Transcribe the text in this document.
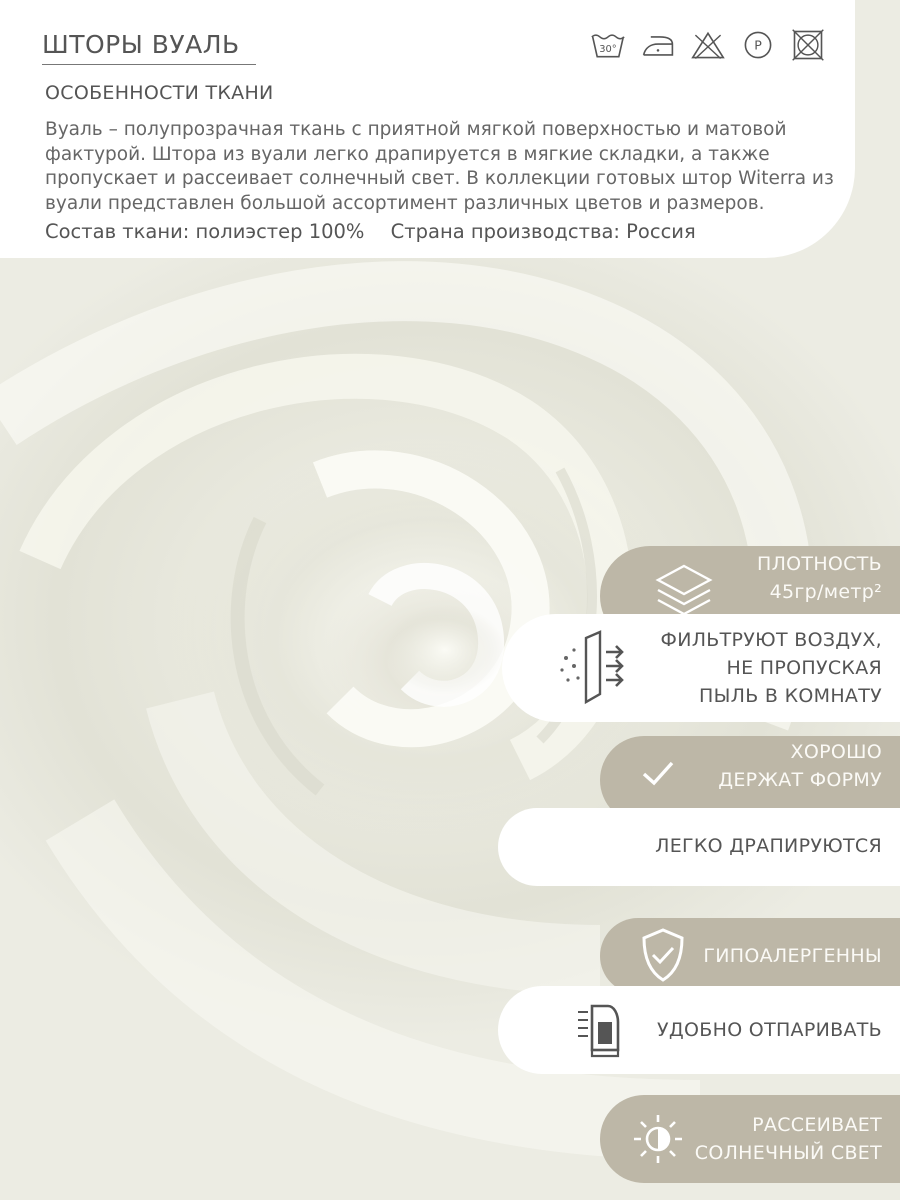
ШТОРЫ ВУАЛЬ	30°	P
ОСОБЕННОСТИ ТКАНИ
Вуаль – полупрозрачная ткань с приятной мягкой поверхностью и матовой фактурой. Штора из вуали легко драпируется в мягкие складки, а также пропускает и рассеивает солнечный свет. В коллекции готовых штор Witerra из вуали представлен большой ассортимент различных цветов и размеров.
Состав ткани: полиэстер 100% Страна производства: Россия
ПЛОТНОСТЬ
45гр/метр²
ФИЛЬТРУЮТ ВОЗДУХ,
НЕ ПРОПУСКАЯ
ПЫЛЬ В КОМНАТУ
ХОРОШО
ДЕРЖАТ ФОРМУ
ЛЕГКО ДРАПИРУЮТСЯ
ГИПОАЛЕРГЕННЫ
УДОБНО ОТПАРИВАТЬ
РАССЕИВАЕТ
СОЛНЕЧНЫЙ СВЕТ
